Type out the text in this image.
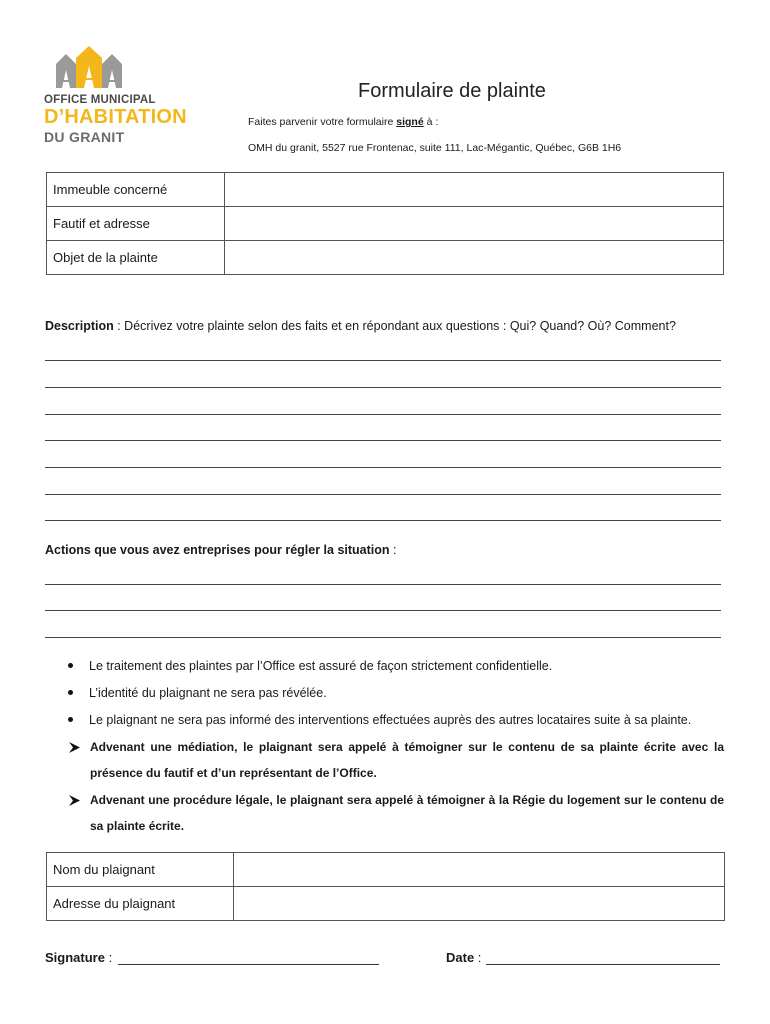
OFFICE MUNICIPAL
D’HABITATION
DU GRANIT
Formulaire de plainte
Faites parvenir votre formulaire signé à :
OMH du granit, 5527 rue Frontenac, suite 111, Lac-Mégantic, Québec, G6B 1H6
Immeuble concerné	
Fautif et adresse	
Objet de la plainte	
Description : Décrivez votre plainte selon des faits et en répondant aux questions : Qui? Quand? Où? Comment?
Actions que vous avez entreprises pour régler la situation :
Le traitement des plaintes par l’Office est assuré de façon strictement confidentielle.
L’identité du plaignant ne sera pas révélée.
Le plaignant ne sera pas informé des interventions effectuées auprès des autres locataires suite à sa plainte.
Advenant une médiation, le plaignant sera appelé à témoigner sur le contenu de sa plainte écrite avec la
présence du fautif et d’un représentant de l’Office.
Advenant une procédure légale, le plaignant sera appelé à témoigner à la Régie du logement sur le contenu de
sa plainte écrite.
Nom du plaignant	
Adresse du plaignant	
Signature :	Date :
